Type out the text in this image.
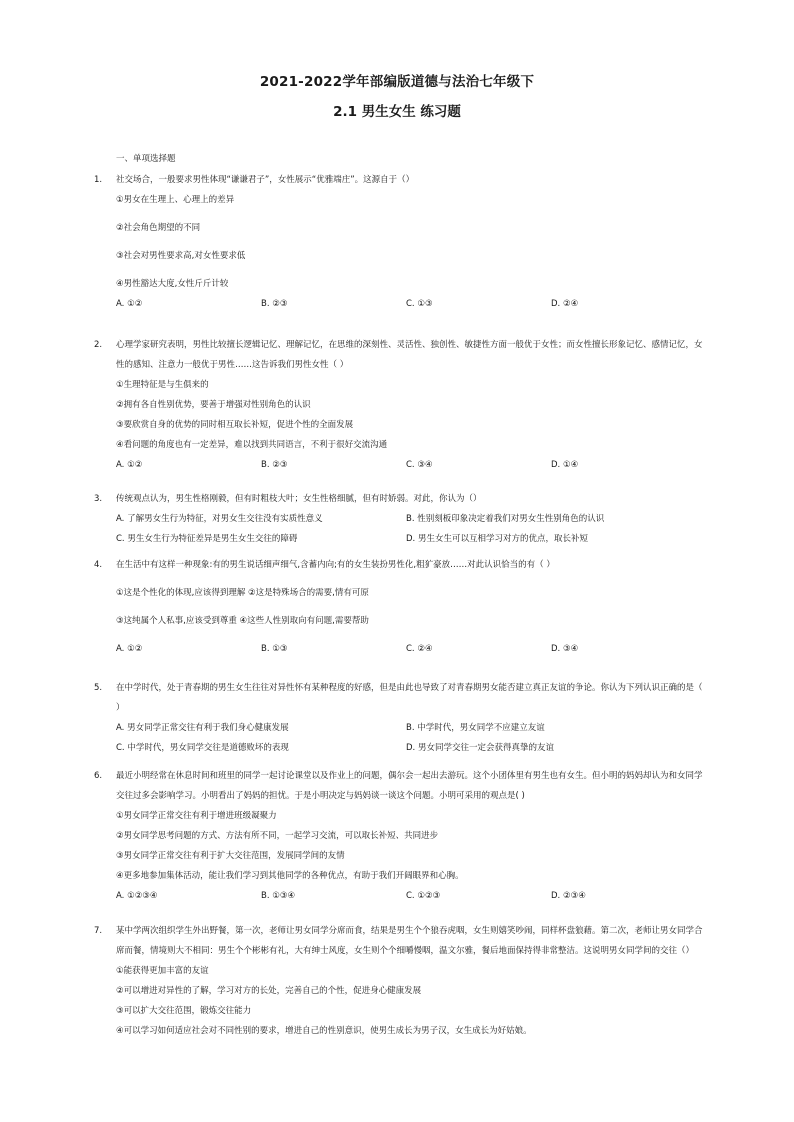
2021-2022学年部编版道德与法治七年级下
2.1 男生女生 练习题
一、单项选择题
1.	社交场合，一般要求男性体现“谦谦君子”，女性展示“优雅端庄”。这源自于（）
①男女在生理上、心理上的差异
②社会角色期望的不同
③社会对男性要求高,对女性要求低
④男性豁达大度,女性斤斤计较
A. ①②	B. ②③	C. ①③	D. ②④
2.	心理学家研究表明，男性比较擅长逻辑记忆、理解记忆，在思维的深刻性、灵活性、独创性、敏捷性方面一般优于女性；而女性擅长形象记忆、感情记忆，女性的感知、注意力一般优于男性……这告诉我们男性女性（ ）
①生理特征是与生俱来的
②拥有各自性别优势，要善于增强对性别角色的认识
③要欣赏自身的优势的同时相互取长补短，促进个性的全面发展
④看问题的角度也有一定差异，难以找到共同语言，不利于很好交流沟通
A. ①②	B. ②③	C. ③④	D. ①④
3.	传统观点认为，男生性格刚毅，但有时粗枝大叶；女生性格细腻，但有时娇弱。对此，你认为（）
A. 了解男女生行为特征，对男女生交往没有实质性意义	B. 性别刻板印象决定着我们对男女生性别角色的认识
C. 男生女生行为特征差异是男生女生交往的障碍	D. 男生女生可以互相学习对方的优点，取长补短
4.	在生活中有这样一种现象:有的男生说话细声细气,含蓄内向;有的女生装扮男性化,粗犷豪放……对此认识恰当的有（ ）
①这是个性化的体现,应该得到理解 ②这是特殊场合的需要,情有可原
③这纯属个人私事,应该受到尊重 ④这些人性别取向有问题,需要帮助
A. ①②	B. ①③	C. ②④	D. ③④
5.	在中学时代，处于青春期的男生女生往往对异性怀有某种程度的好感，但是由此也导致了对青春期男女能否建立真正友谊的争论。你认为下列认识正确的是（ ）
A. 男女同学正常交往有利于我们身心健康发展	B. 中学时代，男女同学不应建立友谊
C. 中学时代，男女同学交往是道德败坏的表现	D. 男女同学交往一定会获得真挚的友谊
6.	最近小明经常在休息时间和班里的同学一起讨论课堂以及作业上的问题，偶尔会一起出去游玩。这个小团体里有男生也有女生。但小明的妈妈却认为和女同学交往过多会影响学习。小明看出了妈妈的担忧。于是小明决定与妈妈谈一谈这个问题。小明可采用的观点是( )
①男女同学正常交往有利于增进班级凝聚力
②男女同学思考问题的方式、方法有所不同，一起学习交流，可以取长补短、共同进步
③男女同学正常交往有利于扩大交往范围，发展同学间的友情
④更多地参加集体活动，能让我们学习到其他同学的各种优点，有助于我们开阔眼界和心胸。
A. ①②③④	B. ①③④	C. ①②③	D. ②③④
7.	某中学两次组织学生外出野餐，第一次，老师让男女同学分席而食，结果是男生个个狼吞虎咽，女生则嬉笑吵闹，同样杯盘狼藉。第二次，老师让男女同学合席而餐，情境则大不相同：男生个个彬彬有礼，大有绅士风度，女生则个个细嚼慢咽，温文尔雅，餐后地面保持得非常整洁。这说明男女同学间的交往（）
①能获得更加丰富的友谊
②可以增进对异性的了解，学习对方的长处，完善自己的个性，促进身心健康发展
③可以扩大交往范围，锻炼交往能力
④可以学习如何适应社会对不同性别的要求，增进自己的性别意识，使男生成长为男子汉，女生成长为好姑娘。
